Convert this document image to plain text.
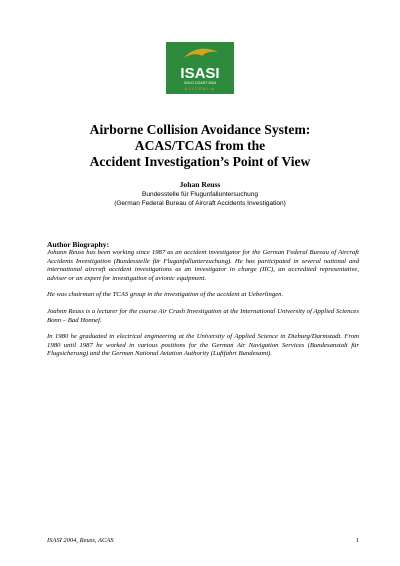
ISASI
GOLD COAST 2004
AUSTRALIA
Airborne Collision Avoidance System:
ACAS/TCAS from the
Accident Investigation’s Point of View
Johan Reuss
Bundesstelle für Flugunfalluntersuchung
(German Federal Bureau of Aircraft Accidents Investigation)
Author Biography:

Johann Reuss has been working since 1987 as an accident investigator for the German Federal Bureau of Aircraft Accidents Investigation (Bundesstelle für Fluganfallunterzuchung). He has participated in several national and international aircraft accident investigations as an investigator in charge (IIC), an accredited representative, adviser or an expert for investigation of avionic equipment.

He was chairman of the TCAS group in the investigation of the accident at Ueberlingen.

Joahnn Reuss is a lecturer for the course Air Crash Investigation at the International University of Applied Sciences Bonn – Bad Honnef.

In 1980 he graduated in electrical engineering at the University of Applied Science in Dieburg/Darmstadt. From 1980 until 1987 he worked in various positions for the German Air Navigation Services (Bundesanstalt für Flugsicherung) and the German National Aviation Authority (Luftfahrt Bundesamt).

ISASI 2004, Reuss, ACAS	1
